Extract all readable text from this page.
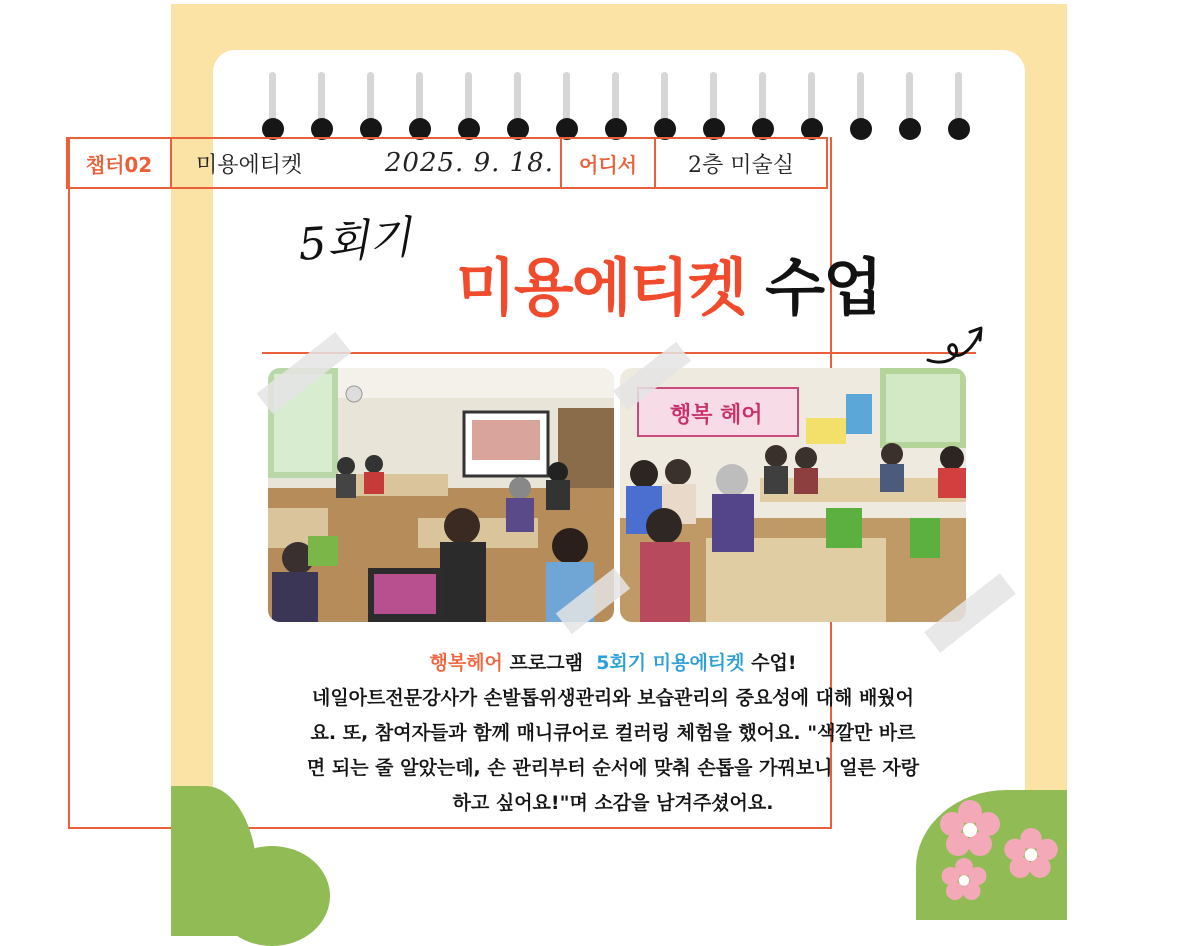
챕터02	미용에티켓	2025. 9. 18.	어디서	2층 미술실
5회기
미용에티켓 수업
행복 헤어
행복헤어 프로그램 5회기 미용에티켓 수업!
네일아트전문강사가 손발톱위생관리와 보습관리의 중요성에 대해 배웠어
요. 또, 참여자들과 함께 매니큐어로 컬러링 체험을 했어요. "색깔만 바르
면 되는 줄 알았는데, 손 관리부터 순서에 맞춰 손톱을 가꿔보니 얼른 자랑
하고 싶어요!"며 소감을 남겨주셨어요.
